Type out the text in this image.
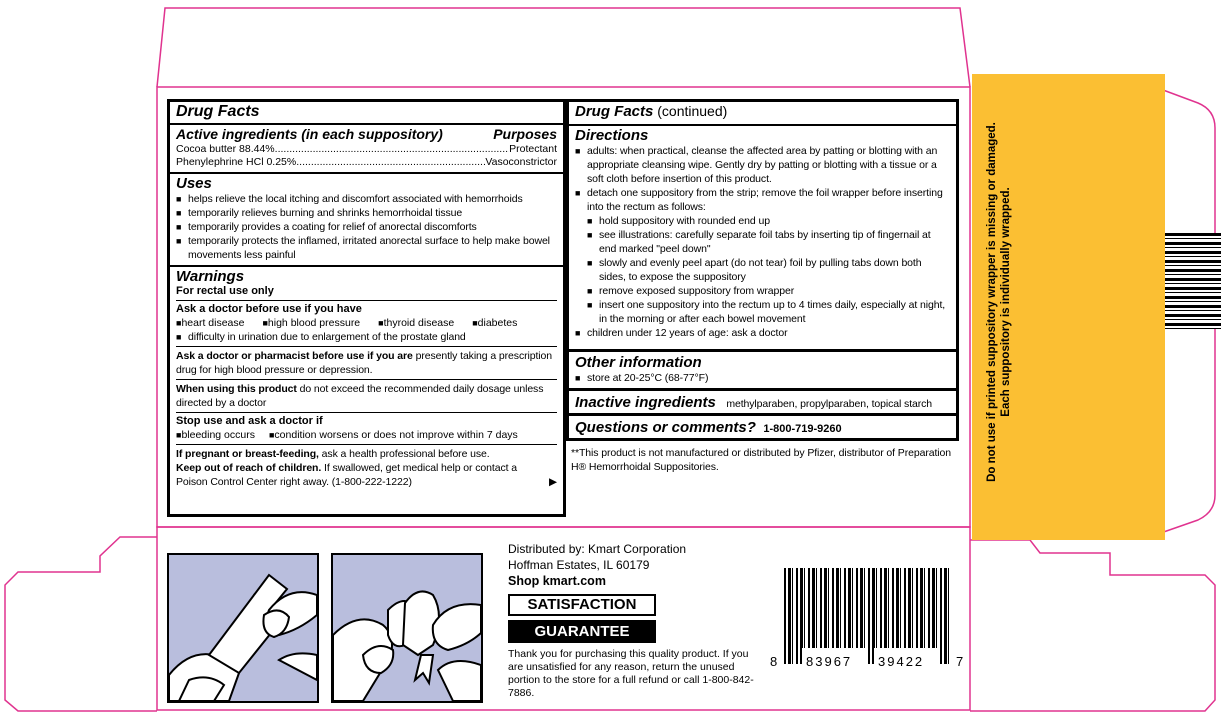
Do not use if printed suppository wrapper is missing or damaged. Each suppository is individually wrapped.
Drug Facts
Active ingredients (in each suppository)	Purposes
Cocoa butter 88.44% .....	Protectant
Phenylephrine HCl 0.25% .....	Vasoconstrictor
Uses
■ helps relieve the local itching and discomfort associated with hemorrhoids
■ temporarily relieves burning and shrinks hemorrhoidal tissue
■ temporarily provides a coating for relief of anorectal discomforts
■ temporarily protects the inflamed, irritated anorectal surface to help make bowel movements less painful
Warnings
For rectal use only
Ask a doctor before use if you have
■ heart disease	■ high blood pressure	■ thyroid disease	■ diabetes
■ difficulty in urination due to enlargement of the prostate gland
Ask a doctor or pharmacist before use if you are presently taking a prescription drug for high blood pressure or depression.
When using this product do not exceed the recommended daily dosage unless directed by a doctor
Stop use and ask a doctor if
■ bleeding occurs	■ condition worsens or does not improve within 7 days
If pregnant or breast-feeding, ask a health professional before use.
Keep out of reach of children. If swallowed, get medical help or contact a Poison Control Center right away. (1-800-222-1222)	▶
Drug Facts (continued)
Directions
■ adults: when practical, cleanse the affected area by patting or blotting with an appropriate cleansing wipe. Gently dry by patting or blotting with a tissue or a soft cloth before insertion of this product.
■ detach one suppository from the strip; remove the foil wrapper before inserting into the rectum as follows:
■ hold suppository with rounded end up
■ see illustrations: carefully separate foil tabs by inserting tip of fingernail at end marked "peel down"
■ slowly and evenly peel apart (do not tear) foil by pulling tabs down both sides, to expose the suppository
■ remove exposed suppository from wrapper
■ insert one suppository into the rectum up to 4 times daily, especially at night, in the morning or after each bowel movement
■ children under 12 years of age: ask a doctor
Other information
■ store at 20-25°C (68-77°F)
Inactive ingredients methylparaben, propylparaben, topical starch
Questions or comments? 1-800-719-9260
**This product is not manufactured or distributed by Pfizer, distributor of Preparation H® Hemorrhoidal Suppositories.
Distributed by: Kmart Corporation
Hoffman Estates, IL 60179
Shop kmart.com
SATISFACTION
GUARANTEE
Thank you for purchasing this quality product. If you are unsatisfied for any reason, return the unused portion to the store for a full refund or call 1-800-842-7886.
8 83967 39422 7
